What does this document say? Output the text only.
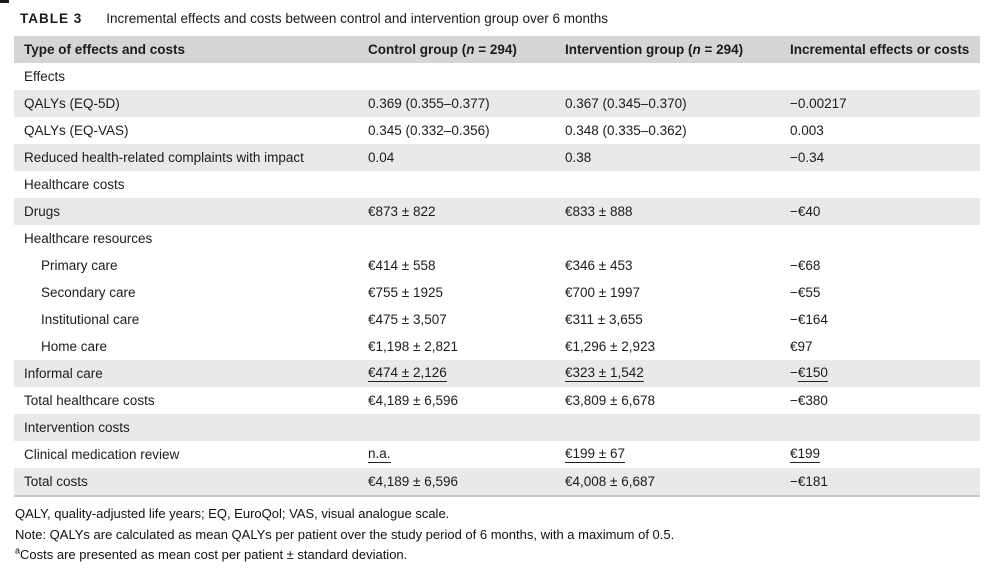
TABLE 3 Incremental effects and costs between control and intervention group over 6 months
Type of effects and costs	Control group (n = 294)	Intervention group (n = 294)	Incremental effects or costs
Effects			
QALYs (EQ-5D)	0.369 (0.355–0.377)	0.367 (0.345–0.370)	−0.00217
QALYs (EQ-VAS)	0.345 (0.332–0.356)	0.348 (0.335–0.362)	0.003
Reduced health-related complaints with impact	0.04	0.38	−0.34
Healthcare costs			
Drugs	€873 ± 822	€833 ± 888	−€40
Healthcare resources			
Primary care	€414 ± 558	€346 ± 453	−€68
Secondary care	€755 ± 1925	€700 ± 1997	−€55
Institutional care	€475 ± 3,507	€311 ± 3,655	−€164
Home care	€1,198 ± 2,821	€1,296 ± 2,923	€97
Informal care	€474 ± 2,126	€323 ± 1,542	−€150
Total healthcare costs	€4,189 ± 6,596	€3,809 ± 6,678	−€380
Intervention costs			
Clinical medication review	n.a.	€199 ± 67	€199
Total costs	€4,189 ± 6,596	€4,008 ± 6,687	−€181
QALY, quality-adjusted life years; EQ, EuroQol; VAS, visual analogue scale.
Note: QALYs are calculated as mean QALYs per patient over the study period of 6 months, with a maximum of 0.5.
$^a$Costs are presented as mean cost per patient ± standard deviation.
